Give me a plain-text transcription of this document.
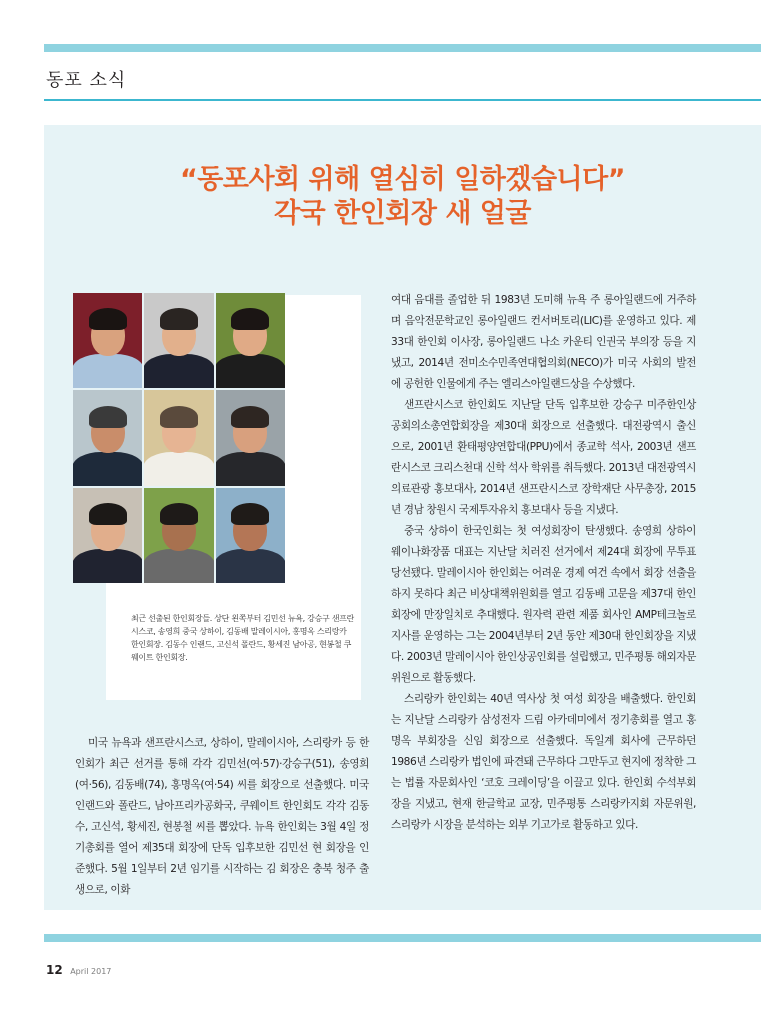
동포 소식
“동포사회 위해 열심히 일하겠습니다”
각국 한인회장 새 얼굴
최근 선출된 한인회장들. 상단 왼쪽부터 김민선 뉴욕, 강승구 샌프란시스코, 송영희 중국 상하이, 김동배 말레이시아, 홍명옥 스리랑카 한인회장. 김동수 인랜드, 고신석 폴란드, 황세진 남아공, 현봉철 쿠웨이트 한인회장.

여대 음대를 졸업한 뒤 1983년 도미해 뉴욕 주 롱아일랜드에 거주하며 음악전문학교인 롱아일랜드 컨서버토리(LIC)를 운영하고 있다. 제33대 한인회 이사장, 롱아일랜드 나소 카운티 인권국 부의장 등을 지냈고, 2014년 전미소수민족연대협의회(NECO)가 미국 사회의 발전에 공헌한 인물에게 주는 엘리스아일랜드상을 수상했다.

샌프란시스코 한인회도 지난달 단독 입후보한 강승구 미주한인상공회의소총연합회장을 제30대 회장으로 선출했다. 대전광역시 출신으로, 2001년 환태평양연합대(PPU)에서 종교학 석사, 2003년 샌프란시스코 크리스천대 신학 석사 학위를 취득했다. 2013년 대전광역시 의료관광 홍보대사, 2014년 샌프란시스코 장학재단 사무총장, 2015년 경남 창원시 국제투자유치 홍보대사 등을 지냈다.

중국 상하이 한국인회는 첫 여성회장이 탄생했다. 송영희 상하이 웨이나화장품 대표는 지난달 치러진 선거에서 제24대 회장에 무투표 당선됐다. 말레이시아 한인회는 어려운 경제 여건 속에서 회장 선출을 하지 못하다 최근 비상대책위원회를 열고 김동배 고문을 제37대 한인회장에 만장일치로 추대했다. 원자력 관련 제품 회사인 AMP테크놀로지사를 운영하는 그는 2004년부터 2년 동안 제30대 한인회장을 지냈다. 2003년 말레이시아 한인상공인회를 설립했고, 민주평통 해외자문위원으로 활동했다.

스리랑카 한인회는 40년 역사상 첫 여성 회장을 배출했다. 한인회는 지난달 스리랑카 삼성전자 드림 아카데미에서 정기총회를 열고 홍명옥 부회장을 신임 회장으로 선출했다. 독일계 회사에 근무하던 1986년 스리랑카 법인에 파견돼 근무하다 그만두고 현지에 정착한 그는 법률 자문회사인 ‘코호 크레이딩’을 이끌고 있다. 한인회 수석부회장을 지냈고, 현재 한글학교 교장, 민주평통 스리랑카지회 자문위원, 스리랑카 시장을 분석하는 외부 기고가로 활동하고 있다.

미국 뉴욕과 샌프란시스코, 상하이, 말레이시아, 스리랑카 등 한인회가 최근 선거를 통해 각각 김민선(여·57)·강승구(51), 송영희(여·56), 김동배(74), 홍명옥(여·54) 씨를 회장으로 선출했다. 미국 인랜드와 폴란드, 남아프리카공화국, 쿠웨이트 한인회도 각각 김동수, 고신석, 황세진, 현봉철 씨를 뽑았다. 뉴욕 한인회는 3월 4일 정기총회를 열어 제35대 회장에 단독 입후보한 김민선 현 회장을 인준했다. 5월 1일부터 2년 임기를 시작하는 김 회장은 충북 청주 출생으로, 이화

12 April 2017
